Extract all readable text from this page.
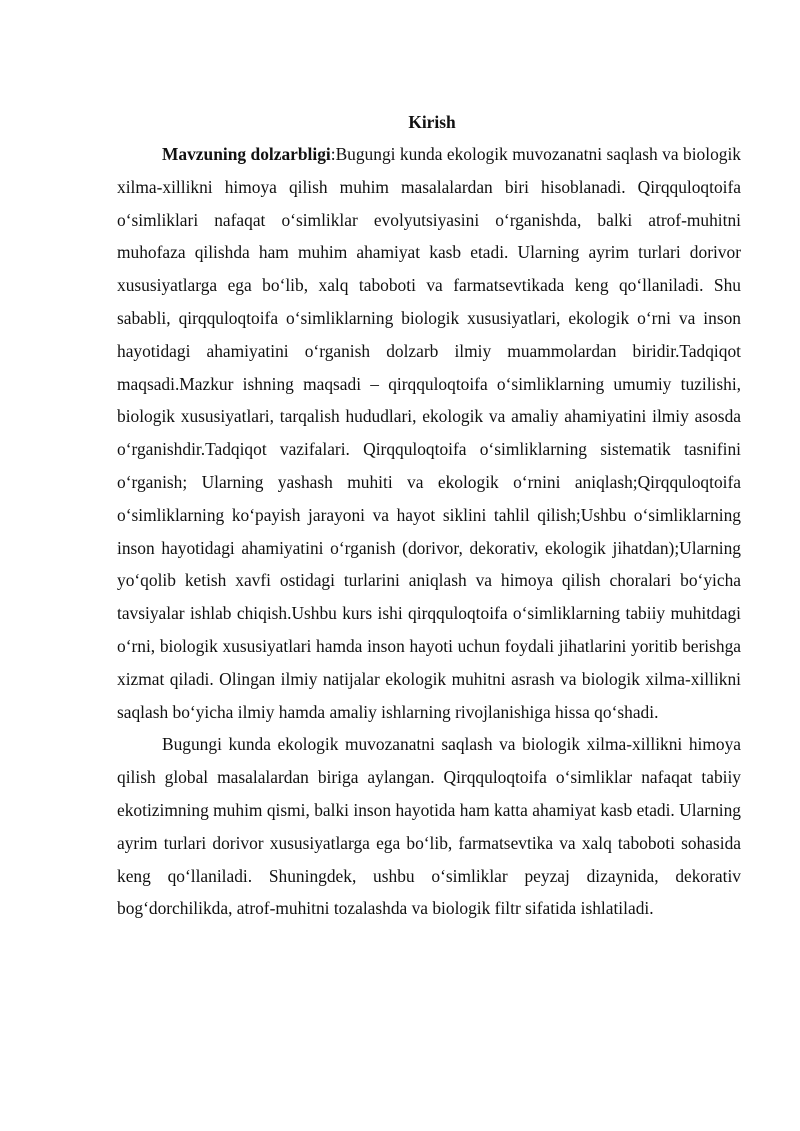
Kirish

Mavzuning dolzarbligi:Bugungi kunda ekologik muvozanatni saqlash va biologik xilma-xillikni himoya qilish muhim masalalardan biri hisoblanadi. Qirqquloqtoifa o‘simliklari nafaqat o‘simliklar evolyutsiyasini o‘rganishda, balki atrof-muhitni muhofaza qilishda ham muhim ahamiyat kasb etadi. Ularning ayrim turlari dorivor xususiyatlarga ega bo‘lib, xalq taboboti va farmatsevtikada keng qo‘llaniladi. Shu sababli, qirqquloqtoifa o‘simliklarning biologik xususiyatlari, ekologik o‘rni va inson hayotidagi ahamiyatini o‘rganish dolzarb ilmiy muammolardan biridir.Tadqiqot maqsadi.Mazkur ishning maqsadi – qirqquloqtoifa o‘simliklarning umumiy tuzilishi, biologik xususiyatlari, tarqalish hududlari, ekologik va amaliy ahamiyatini ilmiy asosda o‘rganishdir.Tadqiqot vazifalari. Qirqquloqtoifa o‘simliklarning sistematik tasnifini o‘rganish; Ularning yashash muhiti va ekologik o‘rnini aniqlash;Qirqquloqtoifa o‘simliklarning ko‘payish jarayoni va hayot siklini tahlil qilish;Ushbu o‘simliklarning inson hayotidagi ahamiyatini o‘rganish (dorivor, dekorativ, ekologik jihatdan);Ularning yo‘qolib ketish xavfi ostidagi turlarini aniqlash va himoya qilish choralari bo‘yicha tavsiyalar ishlab chiqish.Ushbu kurs ishi qirqquloqtoifa o‘simliklarning tabiiy muhitdagi o‘rni, biologik xususiyatlari hamda inson hayoti uchun foydali jihatlarini yoritib berishga xizmat qiladi. Olingan ilmiy natijalar ekologik muhitni asrash va biologik xilma-xillikni saqlash bo‘yicha ilmiy hamda amaliy ishlarning rivojlanishiga hissa qo‘shadi.

Bugungi kunda ekologik muvozanatni saqlash va biologik xilma-xillikni himoya qilish global masalalardan biriga aylangan. Qirqquloqtoifa o‘simliklar nafaqat tabiiy ekotizimning muhim qismi, balki inson hayotida ham katta ahamiyat kasb etadi. Ularning ayrim turlari dorivor xususiyatlarga ega bo‘lib, farmatsevtika va xalq taboboti sohasida keng qo‘llaniladi. Shuningdek, ushbu o‘simliklar peyzaj dizaynida, dekorativ bog‘dorchilikda, atrof-muhitni tozalashda va biologik filtr sifatida ishlatiladi.
